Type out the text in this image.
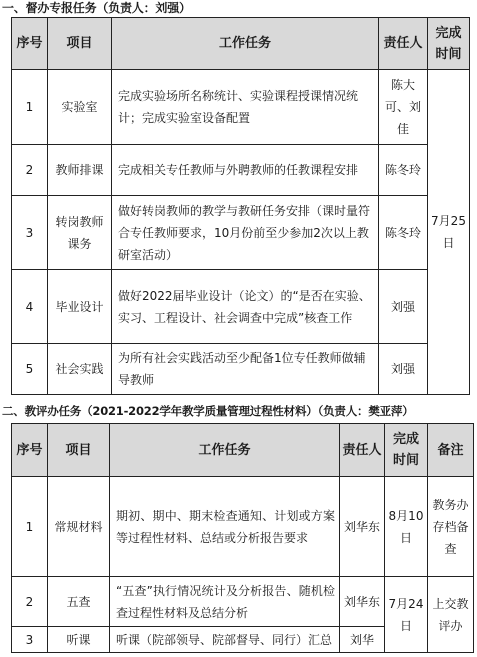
一、督办专报任务（负责人：刘强）
序号	项目	工作任务	责任人	完成时间
1	实验室	完成实验场所名称统计、实验课程授课情况统计；完成实验室设备配置	陈大可、刘佳	7月25日
2	教师排课	完成相关专任教师与外聘教师的任教课程安排	陈冬玲	
3	转岗教师课务	做好转岗教师的教学与教研任务安排（课时量符合专任教师要求，10月份前至少参加2次以上教研室活动）	陈冬玲	
4	毕业设计	做好2022届毕业设计（论文）的“是否在实验、实习、工程设计、社会调查中完成”核查工作	刘强	
5	社会实践	为所有社会实践活动至少配备1位专任教师做辅导教师	刘强	
二、教评办任务（2021-2022学年教学质量管理过程性材料）（负责人：樊亚萍）
序号	项目	工作任务	责任人	完成时间	备注
1	常规材料	期初、期中、期末检查通知、计划或方案等过程性材料、总结或分析报告要求	刘华东	8月10日	教务办存档备查
2	五查	“五查”执行情况统计及分析报告、随机检查过程性材料及总结分析	刘华东	7月24日	上交教评办
3	听课	听课（院部领导、院部督导、同行）汇总	刘华		
